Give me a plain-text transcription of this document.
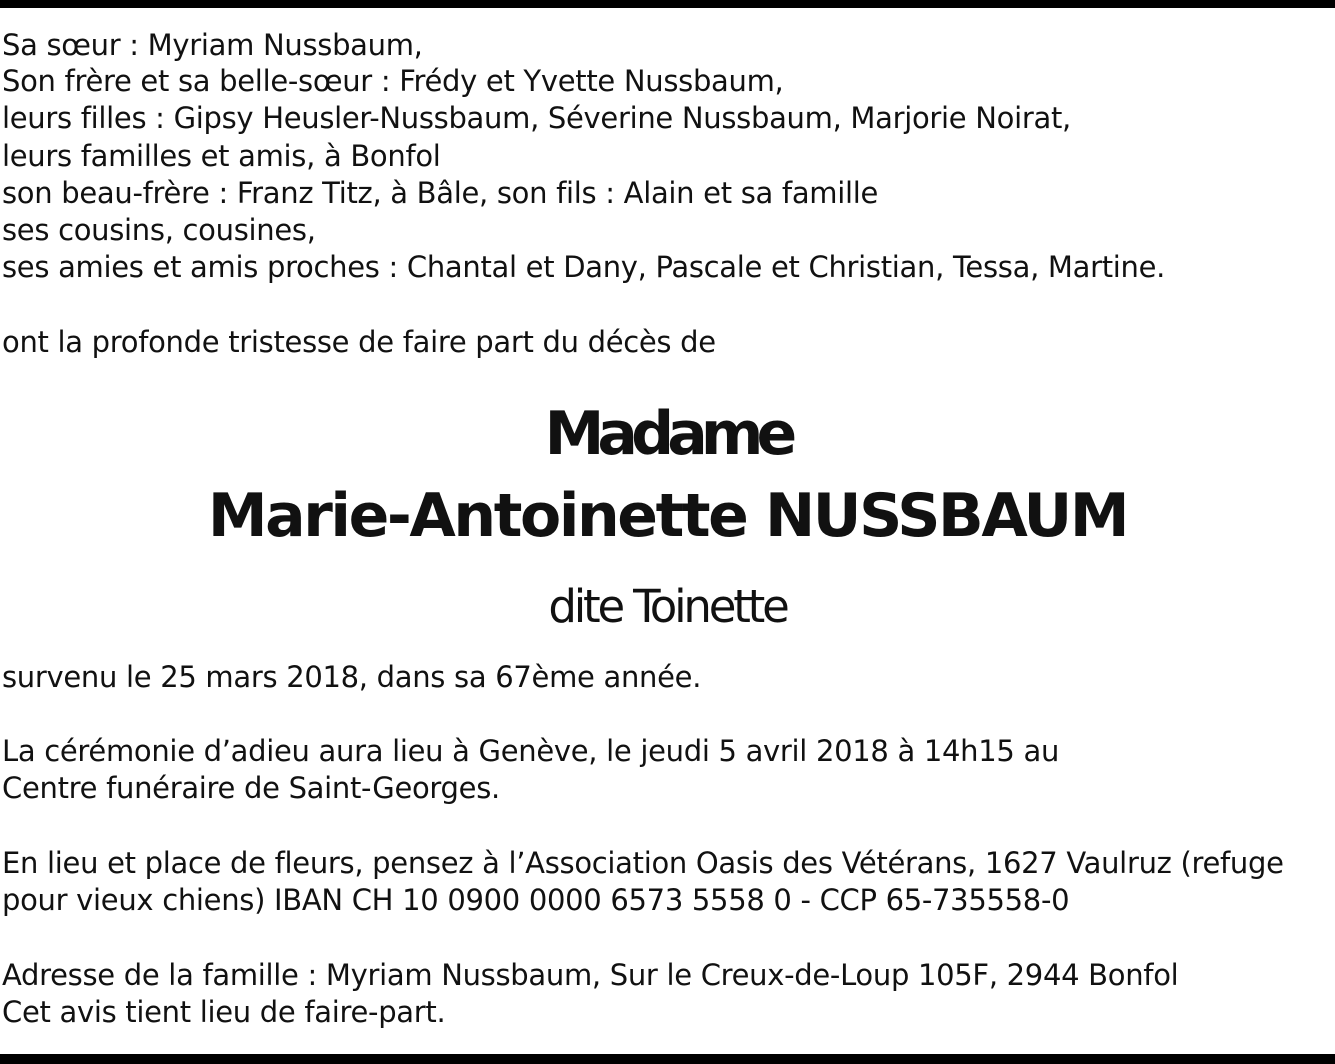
Sa sœur : Myriam Nussbaum,
Son frère et sa belle-sœur : Frédy et Yvette Nussbaum,
leurs filles : Gipsy Heusler-Nussbaum, Séverine Nussbaum, Marjorie Noirat,
leurs familles et amis, à Bonfol
son beau-frère : Franz Titz, à Bâle, son fils : Alain et sa famille
ses cousins, cousines,
ses amies et amis proches : Chantal et Dany, Pascale et Christian, Tessa, Martine.
ont la profonde tristesse de faire part du décès de
Madame
Marie-Antoinette NUSSBAUM
dite Toinette
survenu le 25 mars 2018, dans sa 67ème année.
La cérémonie d’adieu aura lieu à Genève, le jeudi 5 avril 2018 à 14h15 au
Centre funéraire de Saint-Georges.
En lieu et place de fleurs, pensez à l’Association Oasis des Vétérans, 1627 Vaulruz (refuge
pour vieux chiens) IBAN CH 10 0900 0000 6573 5558 0 - CCP 65-735558-0
Adresse de la famille : Myriam Nussbaum, Sur le Creux-de-Loup 105F, 2944 Bonfol
Cet avis tient lieu de faire-part.
